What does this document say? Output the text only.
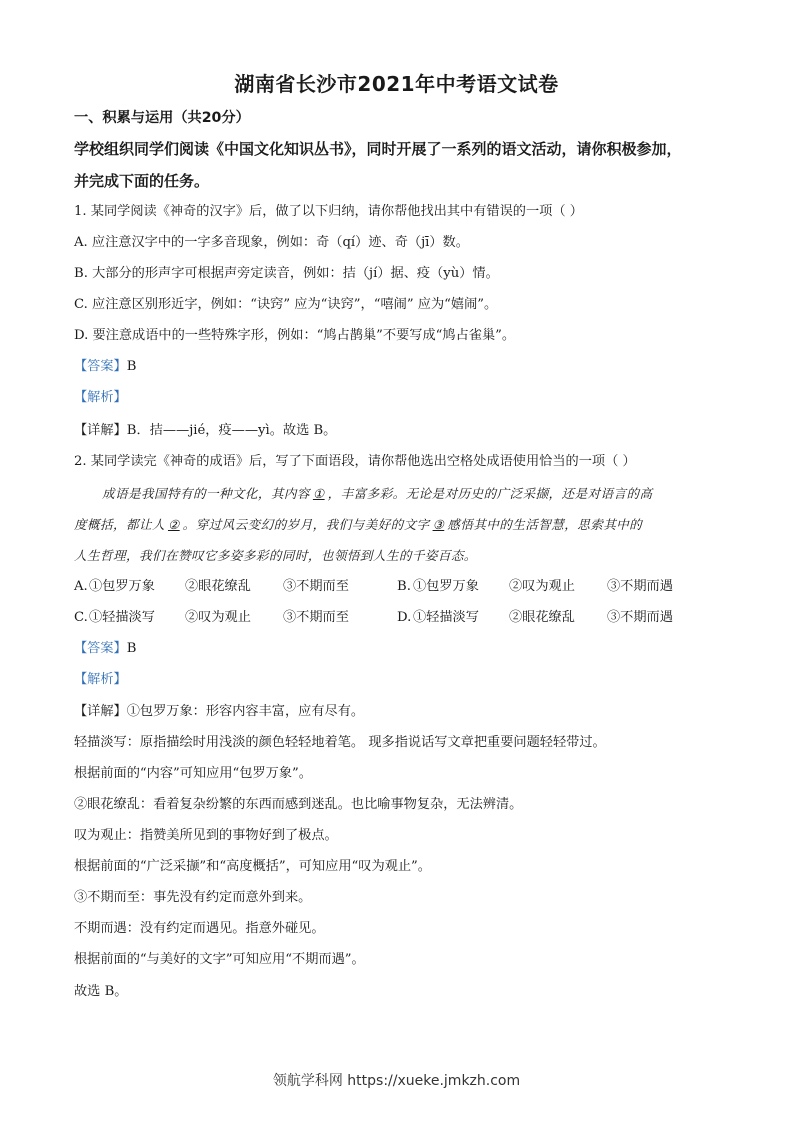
湖南省长沙市2021年中考语文试卷
一、积累与运用（共20分）
学校组织同学们阅读《中国文化知识丛书》，同时开展了一系列的语文活动，请你积极参加，
并完成下面的任务。
1. 某同学阅读《神奇的汉字》后，做了以下归纳，请你帮他找出其中有错误的一项（ ）
A. 应注意汉字中的一字多音现象，例如：奇（qí）迹、奇（jī）数。
B. 大部分的形声字可根据声旁定读音，例如：拮（jí）据、疫（yù）情。
C. 应注意区别形近字，例如：“诀窍” 应为“诀窍”，“嘻闹” 应为“嬉闹”。
D. 要注意成语中的一些特殊字形，例如：“鸠占鹊巢”不要写成“鸠占雀巢”。
【答案】B
【解析】
【详解】B．拮——jié，疫——yì。故选 B。
2. 某同学读完《神奇的成语》后，写了下面语段，请你帮他选出空格处成语使用恰当的一项（ ）
成语是我国特有的一种文化，其内容 ① ，丰富多彩。无论是对历史的广泛采撷，还是对语言的高
度概括，都让人 ② 。穿过风云变幻的岁月，我们与美好的文字 ③ 感悟其中的生活智慧，思索其中的
人生哲理，我们在赞叹它多姿多彩的同时，也领悟到人生的千姿百态。
A. ①包罗万象 ②眼花缭乱 ③不期而至	B. ①包罗万象 ②叹为观止 ③不期而遇
C. ①轻描淡写 ②叹为观止 ③不期而至	D. ①轻描淡写 ②眼花缭乱 ③不期而遇
【答案】B
【解析】
【详解】①包罗万象：形容内容丰富，应有尽有。
轻描淡写：原指描绘时用浅淡的颜色轻轻地着笔。 现多指说话写文章把重要问题轻轻带过。
根据前面的“内容”可知应用“包罗万象”。
②眼花缭乱：看着复杂纷繁的东西而感到迷乱。也比喻事物复杂，无法辨清。
叹为观止：指赞美所见到的事物好到了极点。
根据前面的“广泛采撷”和“高度概括”，可知应用“叹为观止”。
③不期而至：事先没有约定而意外到来。
不期而遇：没有约定而遇见。指意外碰见。
根据前面的“与美好的文字”可知应用“不期而遇”。
故选 B。
领航学科网 https://xueke.jmkzh.com
